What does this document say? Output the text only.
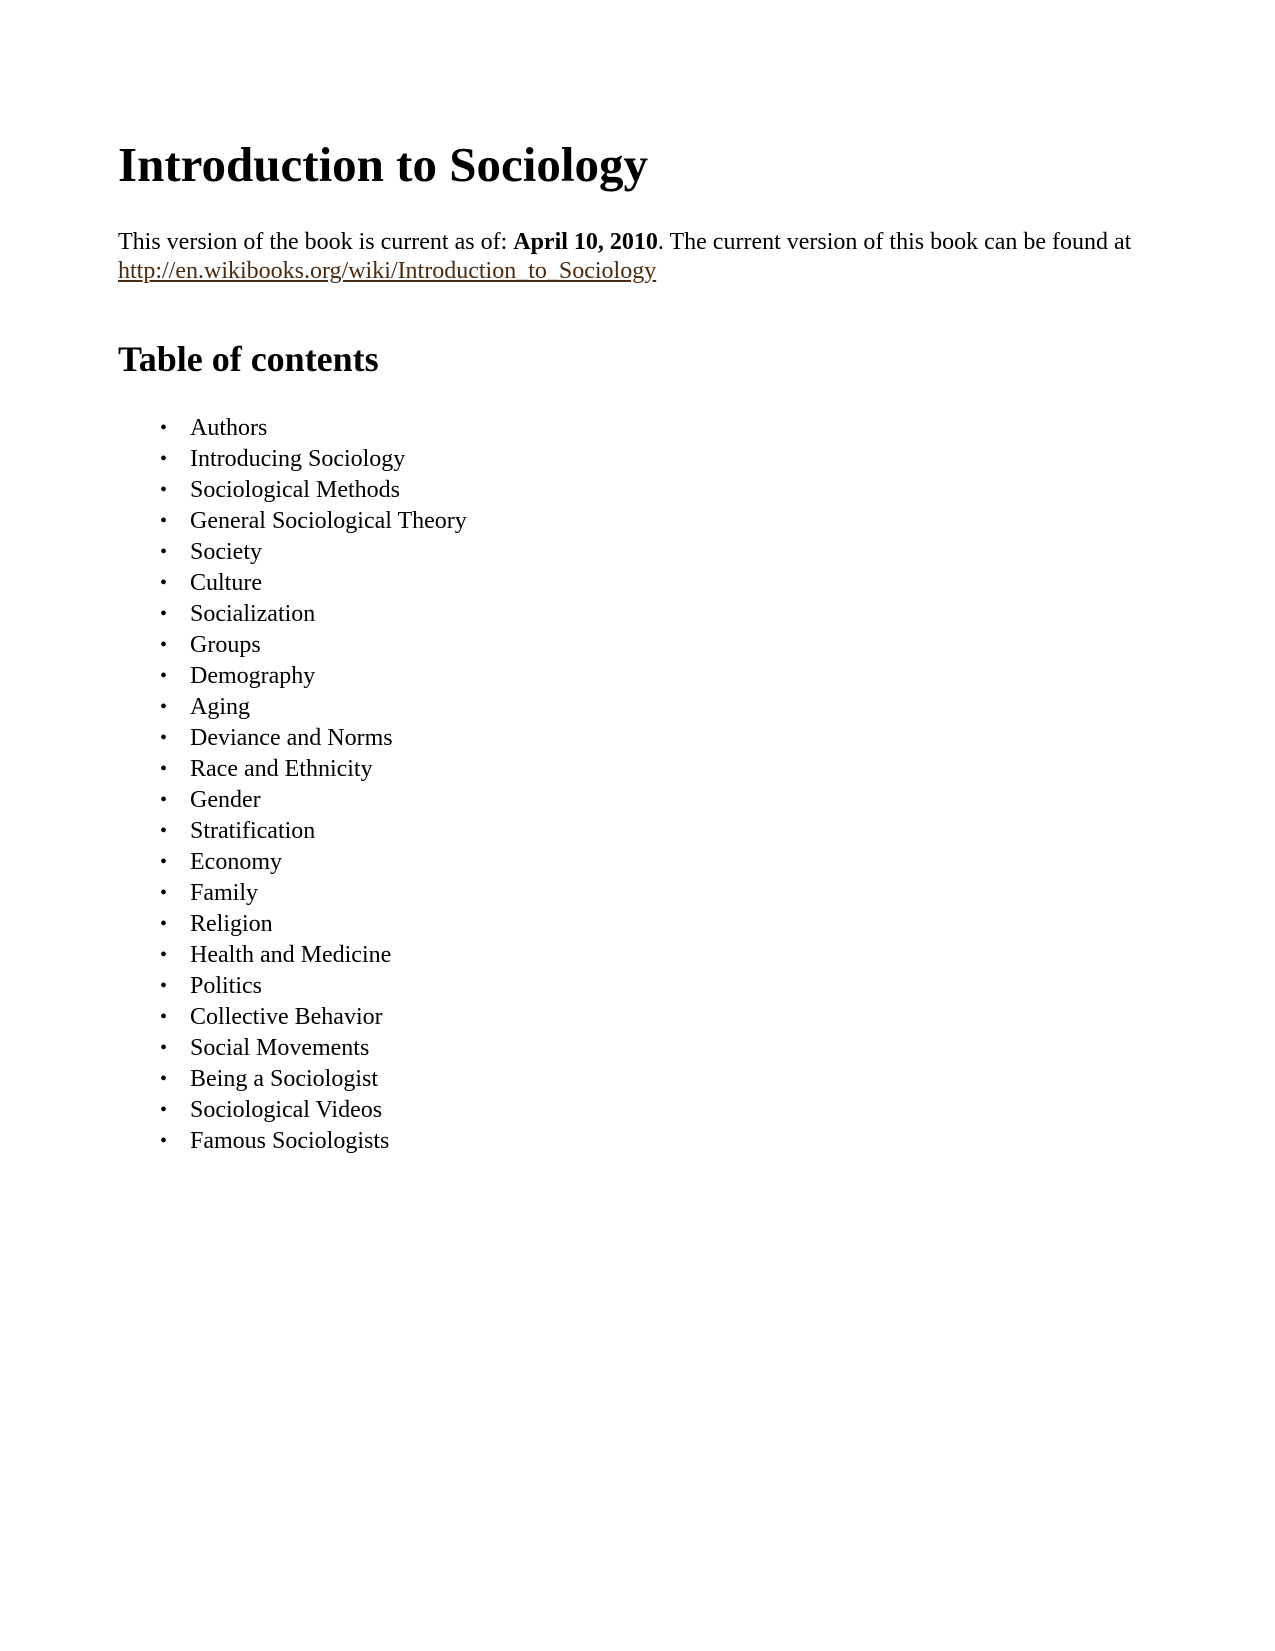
Introduction to Sociology

This version of the book is current as of: April 10, 2010. The current version of this book can be found at http://en.wikibooks.org/wiki/Introduction_to_Sociology

Table of contents
• Authors
• Introducing Sociology
• Sociological Methods
• General Sociological Theory
• Society
• Culture
• Socialization
• Groups
• Demography
• Aging
• Deviance and Norms
• Race and Ethnicity
• Gender
• Stratification
• Economy
• Family
• Religion
• Health and Medicine
• Politics
• Collective Behavior
• Social Movements
• Being a Sociologist
• Sociological Videos
• Famous Sociologists
